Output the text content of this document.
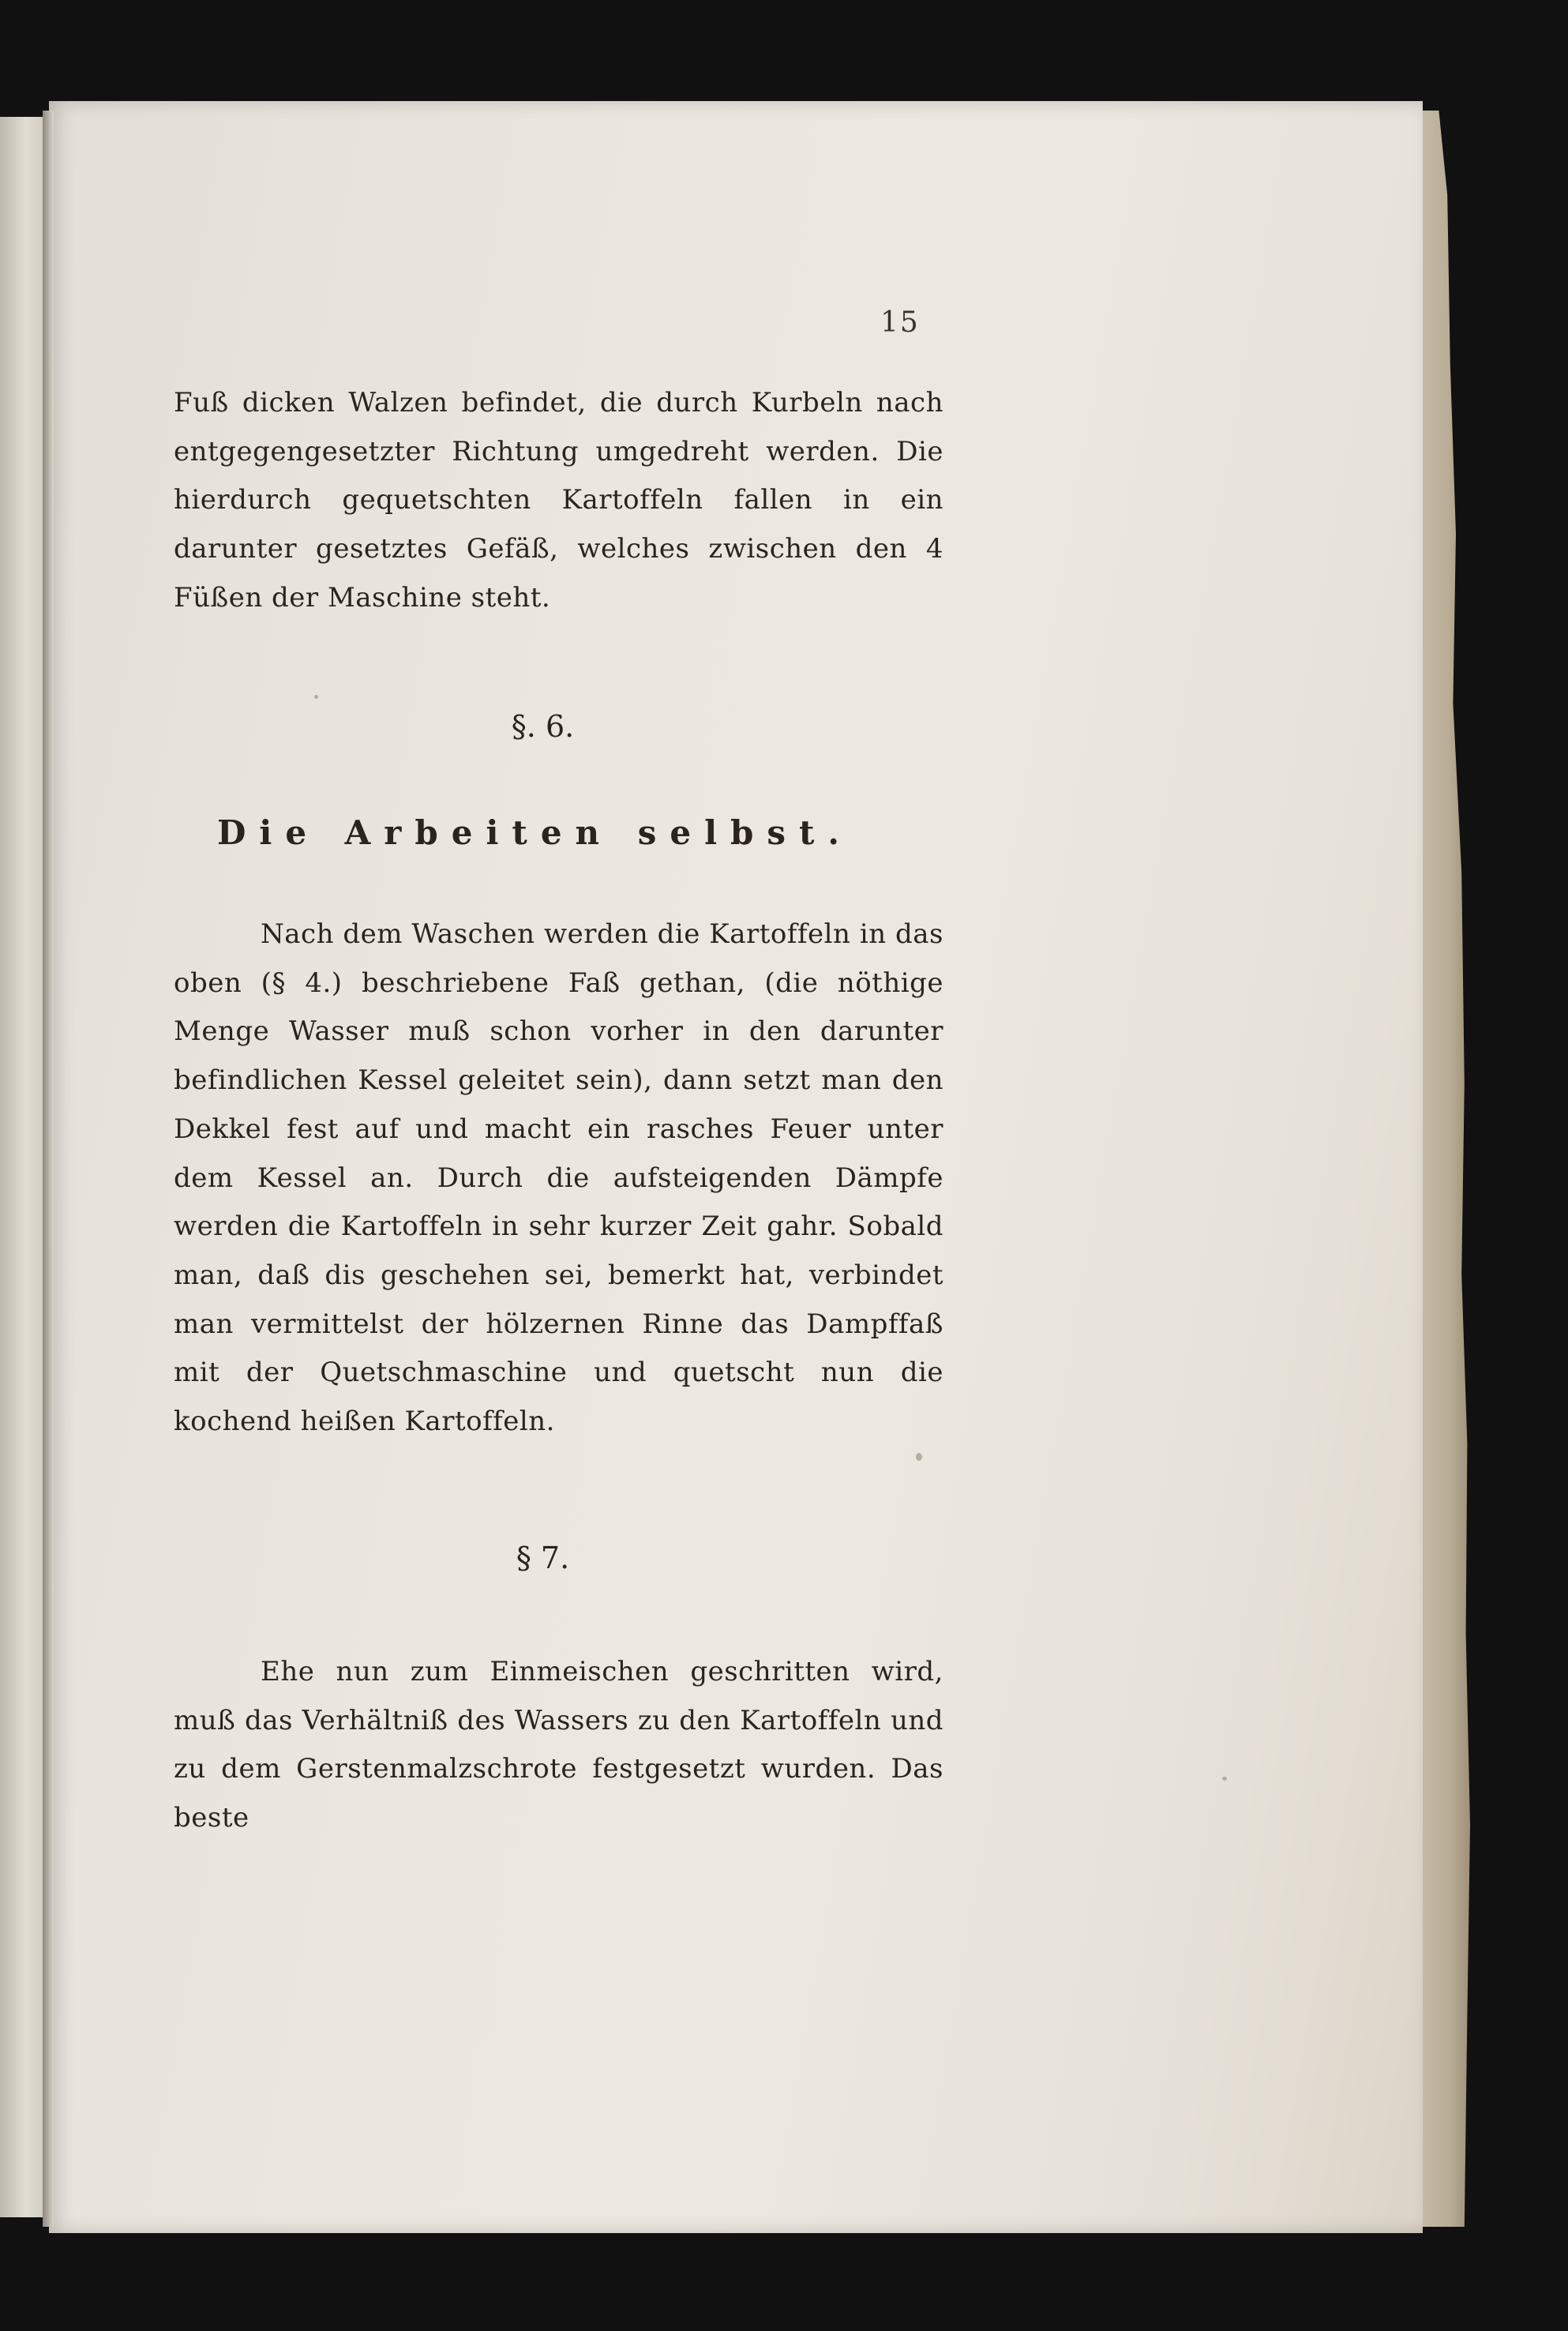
15
Fuß dicken Walzen befindet, die durch Kurbeln nach entgegengesetzter Richtung umgedreht werden. Die hierdurch gequetschten Kartoffeln fallen in ein darunter gesetztes Gefäß, welches zwischen den 4 Füßen der Maschine steht.
§. 6.
Die Arbeiten selbst.
Nach dem Waschen werden die Kartoffeln in das oben (§ 4.) beschriebene Faß gethan, (die nöthige Menge Wasser muß schon vorher in den darunter befindlichen Kessel geleitet sein), dann setzt man den Dekkel fest auf und macht ein rasches Feuer unter dem Kessel an. Durch die aufsteigenden Dämpfe werden die Kartoffeln in sehr kurzer Zeit gahr. Sobald man, daß dis geschehen sei, bemerkt hat, verbindet man vermittelst der hölzernen Rinne das Dampffaß mit der Quetschmaschine und quetscht nun die kochend heißen Kartoffeln.
§ 7.
Ehe nun zum Einmeischen geschritten wird, muß das Verhältniß des Wassers zu den Kartoffeln und zu dem Gerstenmalzschrote festgesetzt wurden. Das beste
